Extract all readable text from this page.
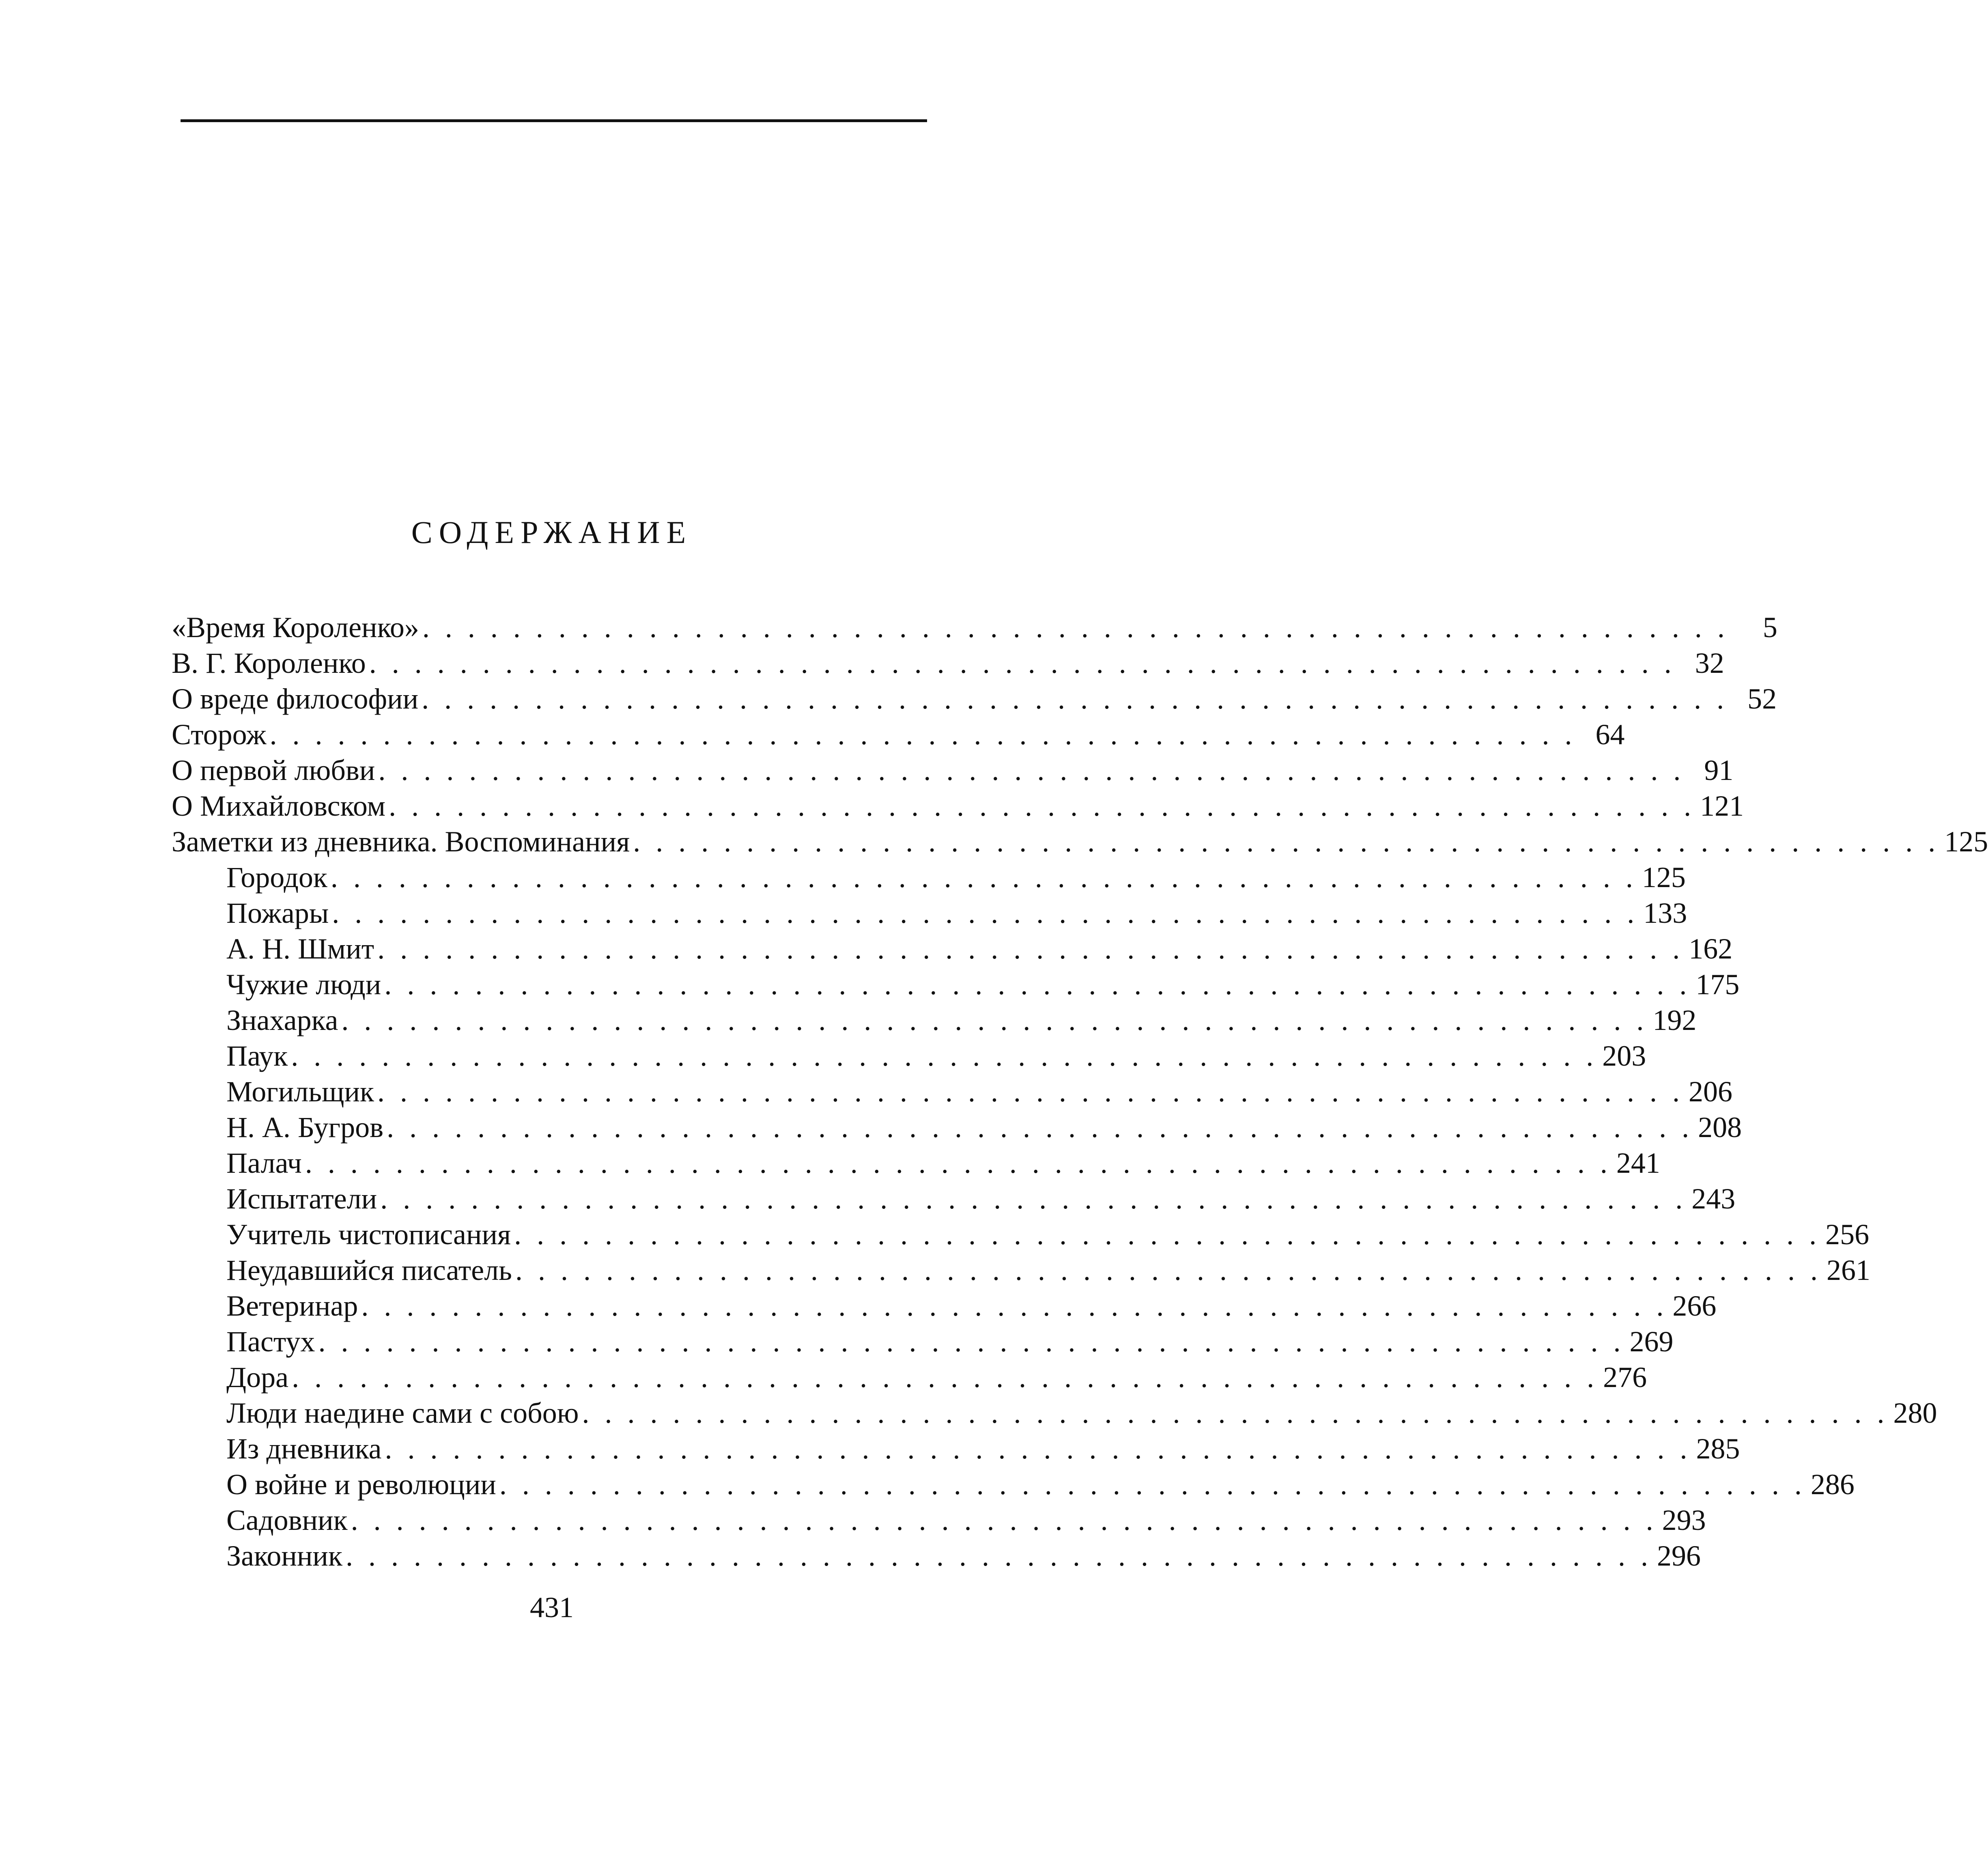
СОДЕРЖАНИЕ
«Время Короленко» . . . . . . . . . . . . . . . . . . . . . . . . . . . . . . . . . . . . . . . . . . . . . . . . . . . . . . . . . .	5
В. Г. Короленко . . . . . . . . . . . . . . . . . . . . . . . . . . . . . . . . . . . . . . . . . . . . . . . . . . . . . . . . . . 32
О вреде философии . . . . . . . . . . . . . . . . . . . . . . . . . . . . . . . . . . . . . . . . . . . . . . . . . . . . . . . . . . 52
Сторож . . . . . . . . . . . . . . . . . . . . . . . . . . . . . . . . . . . . . . . . . . . . . . . . . . . . . . . . . . 64
О первой любви . . . . . . . . . . . . . . . . . . . . . . . . . . . . . . . . . . . . . . . . . . . . . . . . . . . . . . . . . . 91
О Михайловском . . . . . . . . . . . . . . . . . . . . . . . . . . . . . . . . . . . . . . . . . . . . . . . . . . . . . . . . . . 121
Заметки из дневника. Воспоминания . . . . . . . . . . . . . . . . . . . . . . . . . . . . . . . . . . . . . . . . . . . . . . . . . . . . . . . . . . 125
Городок . . . . . . . . . . . . . . . . . . . . . . . . . . . . . . . . . . . . . . . . . . . . . . . . . . . . . . . . . . 125
Пожары . . . . . . . . . . . . . . . . . . . . . . . . . . . . . . . . . . . . . . . . . . . . . . . . . . . . . . . . . . 133
А. Н. Шмит . . . . . . . . . . . . . . . . . . . . . . . . . . . . . . . . . . . . . . . . . . . . . . . . . . . . . . . . . . 162
Чужие люди . . . . . . . . . . . . . . . . . . . . . . . . . . . . . . . . . . . . . . . . . . . . . . . . . . . . . . . . . . 175
Знахарка . . . . . . . . . . . . . . . . . . . . . . . . . . . . . . . . . . . . . . . . . . . . . . . . . . . . . . . . . . 192
Паук . . . . . . . . . . . . . . . . . . . . . . . . . . . . . . . . . . . . . . . . . . . . . . . . . . . . . . . . . . 203
Могильщик . . . . . . . . . . . . . . . . . . . . . . . . . . . . . . . . . . . . . . . . . . . . . . . . . . . . . . . . . . 206
Н. А. Бугров . . . . . . . . . . . . . . . . . . . . . . . . . . . . . . . . . . . . . . . . . . . . . . . . . . . . . . . . . . 208
Палач . . . . . . . . . . . . . . . . . . . . . . . . . . . . . . . . . . . . . . . . . . . . . . . . . . . . . . . . . . 241
Испытатели . . . . . . . . . . . . . . . . . . . . . . . . . . . . . . . . . . . . . . . . . . . . . . . . . . . . . . . . . . 243
Учитель чистописания . . . . . . . . . . . . . . . . . . . . . . . . . . . . . . . . . . . . . . . . . . . . . . . . . . . . . . . . . . 256
Неудавшийся писатель . . . . . . . . . . . . . . . . . . . . . . . . . . . . . . . . . . . . . . . . . . . . . . . . . . . . . . . . . . 261
Ветеринар . . . . . . . . . . . . . . . . . . . . . . . . . . . . . . . . . . . . . . . . . . . . . . . . . . . . . . . . . . 266
Пастух . . . . . . . . . . . . . . . . . . . . . . . . . . . . . . . . . . . . . . . . . . . . . . . . . . . . . . . . . . 269
Дора . . . . . . . . . . . . . . . . . . . . . . . . . . . . . . . . . . . . . . . . . . . . . . . . . . . . . . . . . . 276
Люди наедине сами с собою . . . . . . . . . . . . . . . . . . . . . . . . . . . . . . . . . . . . . . . . . . . . . . . . . . . . . . . . . . 280
Из дневника . . . . . . . . . . . . . . . . . . . . . . . . . . . . . . . . . . . . . . . . . . . . . . . . . . . . . . . . . . 285
О войне и революции . . . . . . . . . . . . . . . . . . . . . . . . . . . . . . . . . . . . . . . . . . . . . . . . . . . . . . . . . . 286
Садовник . . . . . . . . . . . . . . . . . . . . . . . . . . . . . . . . . . . . . . . . . . . . . . . . . . . . . . . . . . 293
Законник . . . . . . . . . . . . . . . . . . . . . . . . . . . . . . . . . . . . . . . . . . . . . . . . . . . . . . . . . . 296
431
